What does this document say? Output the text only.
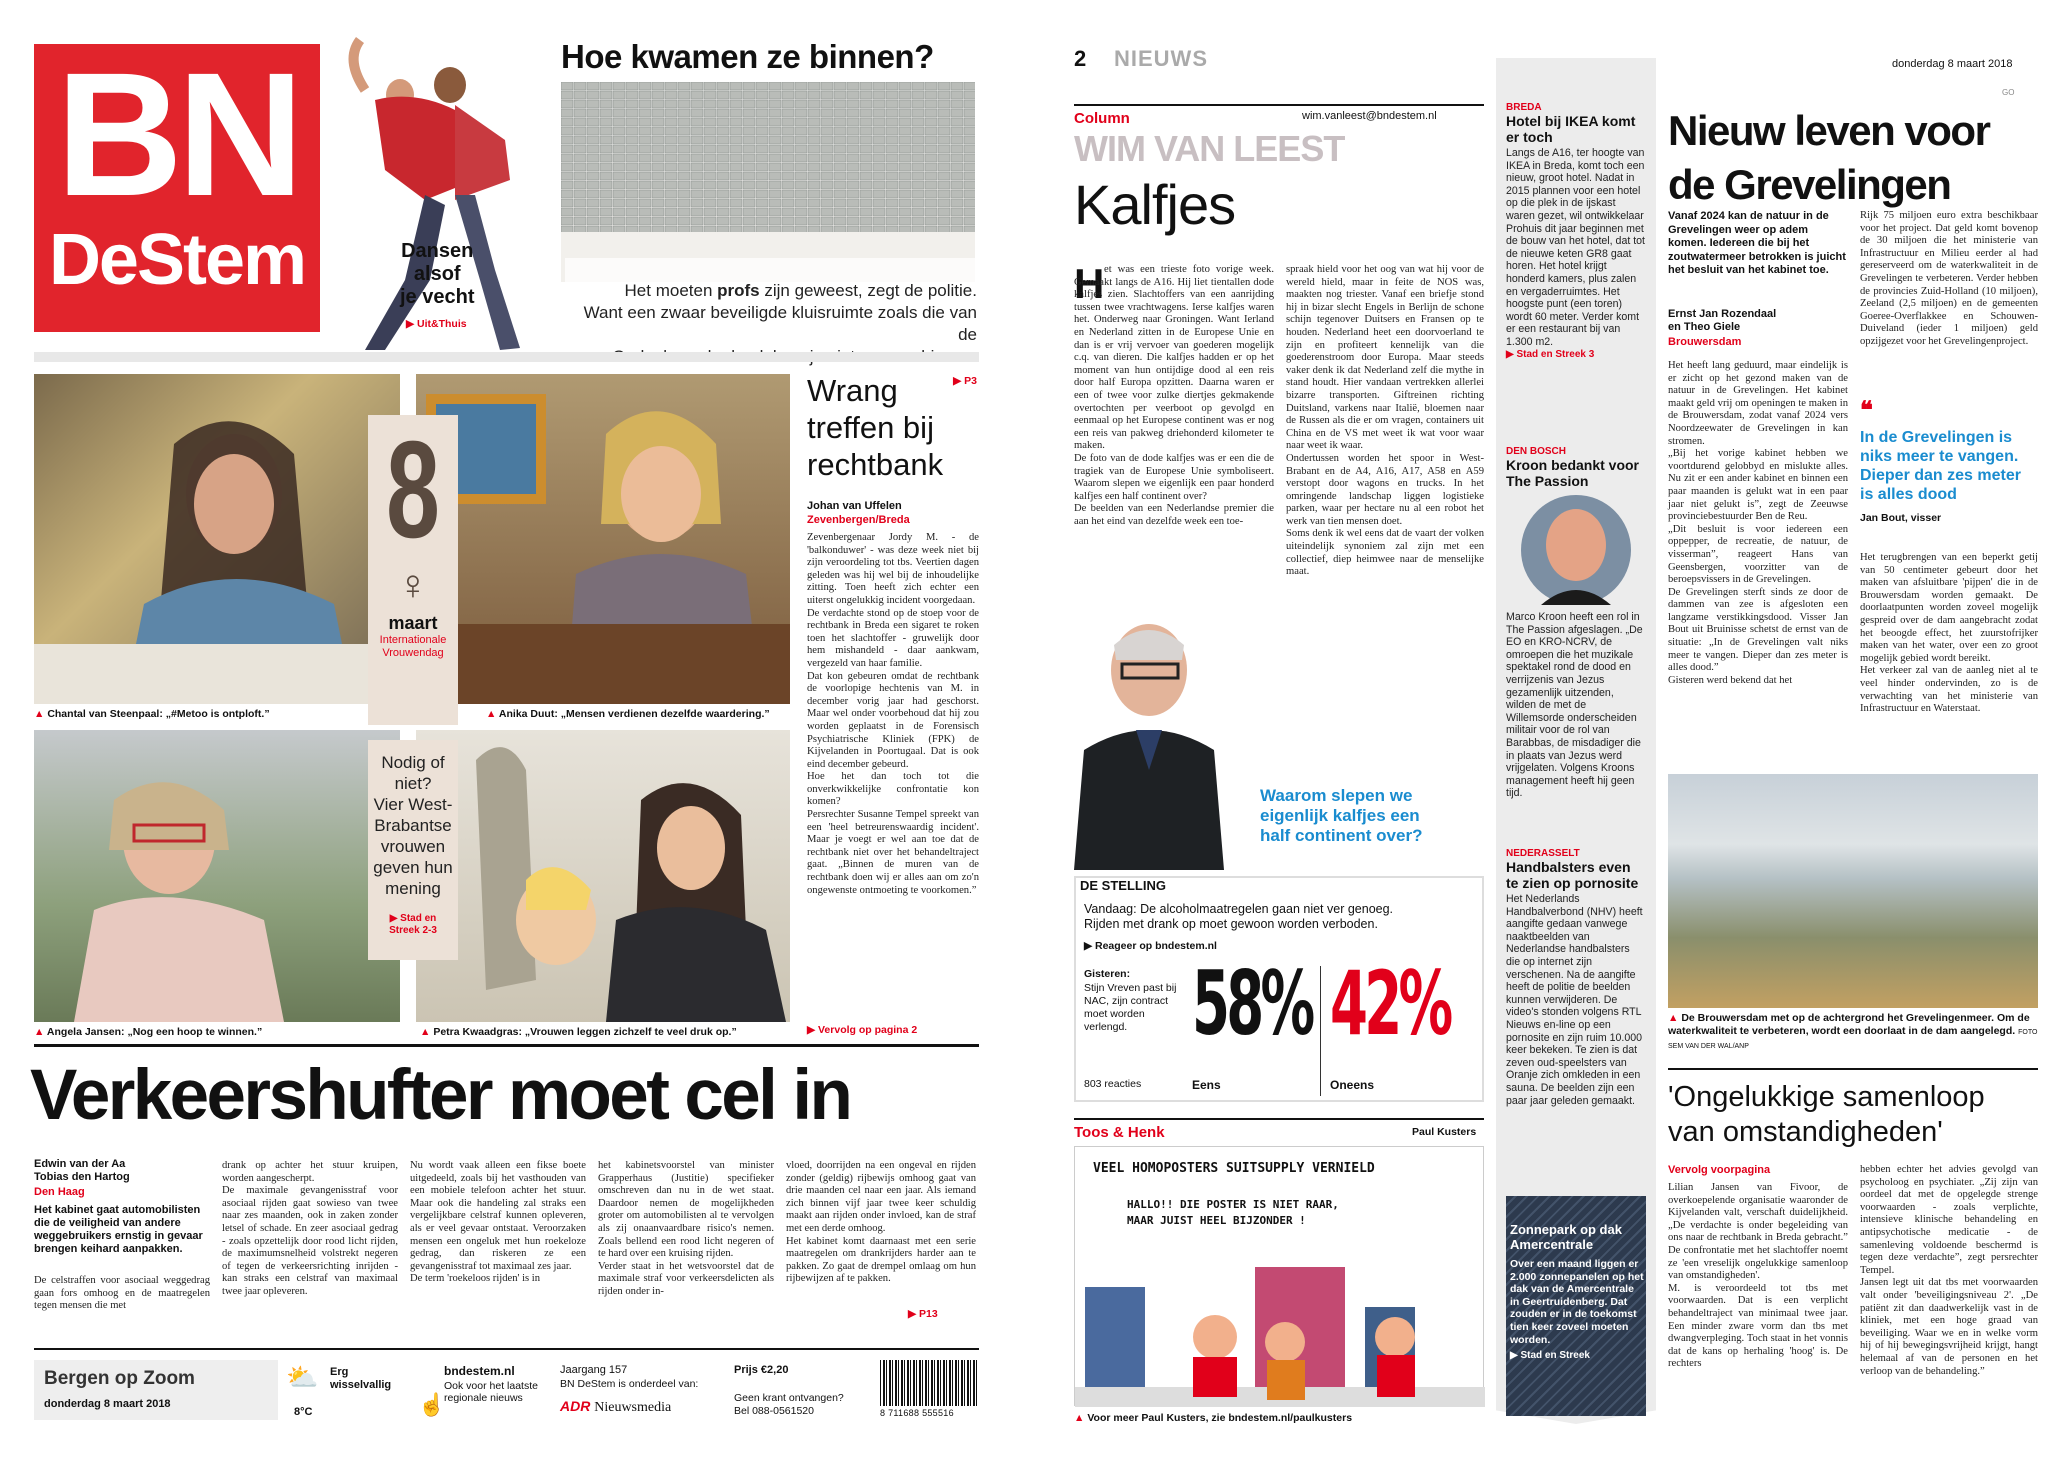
BN
DeStem	Dansen
alsof
je vecht
▶ Uit&Thuis
Hoe kwamen ze binnen?

Het moeten profs zijn geweest, zegt de politie.
Want een zwaar beveiligde kluisruimte zoals die van de

▶ P3

▲ Chantal van Steenpaal: „#Metoo is ontploft.”	▲ Anika Duut: „Mensen verdienen dezelfde waardering.”
▲ Angela Jansen: „Nog een hoop te winnen.”	▲ Petra Kwaadgras: „Vrouwen leggen zichzelf te veel druk op.”
8
♀
maart
Internationale
Vrouwendag
Nodig of
niet?
Vier West-
Brabantse
vrouwen
geven hun
mening
▶ Stad en
Streek 2-3
Wrang
treffen bij
rechtbank
Johan van Uffelen
Zevenbergen/Breda
Zevenbergenaar Jordy M. - de 'balkonduwer' - was deze week niet bij zijn veroordeling tot tbs. Veertien dagen geleden was hij wel bij de inhoudelijke zitting. Toen heeft zich echter een uiterst ongelukkig incident voorgedaan.
De verdachte stond op de stoep voor de rechtbank in Breda een sigaret te roken toen het slachtoffer - gruwelijk door hem mishandeld - daar aankwam, vergezeld van haar familie.
Dat kon gebeuren omdat de rechtbank de voorlopige hechtenis van M. in december vorig jaar had geschorst. Maar wel onder voorbehoud dat hij zou worden geplaatst in de Forensisch Psychiatrische Kliniek (FPK) de Kijvelanden in Poortugaal. Dat is ook eind december gebeurd.
Hoe het dan toch tot die onverkwikkelijke confrontatie kon komen?
Persrechter Susanne Tempel spreekt van een 'heel betreurenswaardig incident'. Maar je voegt er wel aan toe dat de rechtbank niet over het behandeltraject gaat. „Binnen de muren van de rechtbank doen wij er alles aan om zo'n ongewenste ontmoeting te voorkomen.”
▶ Vervolg op pagina 2
Verkeershufter moet cel in
Edwin van der Aa
Tobias den Hartog
Den Haag
Het kabinet gaat automobilisten die de veiligheid van andere weggebruikers ernstig in gevaar brengen keihard aanpakken.
De celstraffen voor asociaal weggedrag gaan fors omhoog en de maatregelen tegen mensen die met
drank op achter het stuur kruipen, worden aangescherpt.
De maximale gevangenisstraf voor asociaal rijden gaat sowieso van twee naar zes maanden, ook in zaken zonder letsel of schade. En zeer asociaal gedrag - zoals opzettelijk door rood licht rijden, de maximumsnelheid volstrekt negeren of tegen de verkeersrichting inrijden - kan straks een celstraf van maximaal twee jaar opleveren.
Nu wordt vaak alleen een fikse boete uitgedeeld, zoals bij het vasthouden van een mobiele telefoon achter het stuur. Maar ook die handeling zal straks een vergelijkbare celstraf kunnen opleveren, als er veel gevaar ontstaat. Veroorzaken mensen een ongeluk met hun roekeloze gedrag, dan riskeren ze een gevangenisstraf tot maximaal zes jaar.
De term 'roekeloos rijden' is in
het kabinetsvoorstel van minister Grapperhaus (Justitie) specifieker omschreven dan nu in de wet staat. Daardoor nemen de mogelijkheden groter om automobilisten al te vervolgen als zij onaanvaardbare risico's nemen. Zoals bellend een rood licht negeren of te hard over een kruising rijden.
Verder staat in het wetsvoorstel dat de maximale straf voor verkeersdelicten als rijden onder in-
vloed, doorrijden na een ongeval en rijden zonder (geldig) rijbewijs omhoog gaat van drie maanden cel naar een jaar. Als iemand zich binnen vijf jaar twee keer schuldig maakt aan rijden onder invloed, kan de straf met een derde omhoog.
Het kabinet komt daarnaast met een serie maatregelen om drankrijders harder aan te pakken. Zo gaat de drempel omlaag om hun rijbewijzen af te pakken.
▶ P13
Bergen op Zoom
donderdag 8 maart 2018
⛅ Erg
wisselvallig
8°C	☝
bndestem.nl
Ook voor het laatste
regionale nieuws
Jaargang 157
BN DeStem is onderdeel van:
ADR Nieuwsmedia
Prijs €2,20
Geen krant ontvangen?
Bel 088-0561520	8 711688 555516
2 NIEUWS	donderdag 8 maart 2018
GO
Column	wim.vanleest@bndestem.nl
WIM VAN LEEST
Kalfjes
H et was een trieste foto vorige week. Gemaakt langs de A16. Hij liet tientallen dode kalfjes zien. Slachtoffers van een aanrijding tussen twee vrachtwagens. Ierse kalfjes waren het. Onderweg naar Groningen. Want Ierland en Nederland zitten in de Europese Unie en dan is er vrij vervoer van goederen mogelijk c.q. van dieren. Die kalfjes hadden er op het moment van hun ontijdige dood al een reis door half Europa opzitten. Daarna waren er een of twee voor zulke diertjes gekmakende overtochten per veerboot op gevolgd en eenmaal op het Europese continent was er nog een reis van pakweg driehonderd kilometer te maken.
De foto van de dode kalfjes was er een die de tragiek van de Europese Unie symboliseert. Waarom slepen we eigenlijk een paar honderd kalfjes een half continent over?
De beelden van een Nederlandse premier die aan het eind van dezelfde week een toe-
spraak hield voor het oog van wat hij voor de wereld hield, maar in feite de NOS was, maakten nog triester. Vanaf een briefje stond hij in bizar slecht Engels in Berlijn de schone schijn tegenover Duitsers en Fransen op te houden. Nederland heet een doorvoerland te zijn en profiteert kennelijk van die goederenstroom door Europa. Maar steeds vaker denk ik dat Nederland zelf die mythe in stand houdt. Hier vandaan vertrekken allerlei bizarre transporten. Giftreinen richting Duitsland, varkens naar Italië, bloemen naar de Russen als die er om vragen, containers uit China en de VS met weet ik wat voor waar naar weet ik waar.
Ondertussen worden het spoor in West-Brabant en de A4, A16, A17, A58 en A59 verstopt door wagons en trucks. In het omringende landschap liggen logistieke parken, waar per hectare nu al een robot het werk van tien mensen doet.
Soms denk ik wel eens dat de vaart der volken uiteindelijk synoniem zal zijn met een collectief, diep heimwee naar de menselijke maat.
Waarom slepen we eigenlijk kalfjes een half continent over?
DE STELLING
Vandaag: De alcoholmaatregelen gaan niet ver genoeg.
Rijden met drank op moet gewoon worden verboden.
▶ Reageer op bndestem.nl
Gisteren:
Stijn Vreven past bij NAC, zijn contract moet worden verlengd.
803 reacties
58%
Eens
42%
Oneens
Toos & Henk	Paul Kusters
VEEL HOMOPOSTERS SUITSUPPLY VERNIELD
HALLO!! DIE POSTER IS NIET RAAR,
MAAR JUIST HEEL BIJZONDER !
▲ Voor meer Paul Kusters, zie bndestem.nl/paulkusters
BREDA
Hotel bij IKEA komt er toch
Langs de A16, ter hoogte van IKEA in Breda, komt toch een nieuw, groot hotel. Nadat in 2015 plannen voor een hotel op die plek in de ijskast waren gezet, wil ontwikkelaar Prohuis dit jaar beginnen met de bouw van het hotel, dat tot de nieuwe keten GR8 gaat horen. Het hotel krijgt honderd kamers, plus zalen en vergaderruimtes. Het hoogste punt (een toren) wordt 60 meter. Verder komt er een restaurant bij van 1.300 m2.
▶ Stad en Streek 3
DEN BOSCH
Kroon bedankt voor The Passion
Marco Kroon heeft een rol in The Passion afgeslagen. „De EO en KRO-NCRV, de omroepen die het muzikale spektakel rond de dood en verrijzenis van Jezus gezamenlijk uitzenden, wilden de met de Willemsorde onderscheiden militair voor de rol van Barabbas, de misdadiger die in plaats van Jezus werd vrijgelaten. Volgens Kroons management heeft hij geen tijd.
NEDERASSELT
Handbalsters even te zien op pornosite
Het Nederlands Handbalverbond (NHV) heeft aangifte gedaan vanwege naaktbeelden van Nederlandse handbalsters die op internet zijn verschenen. Na de aangifte heeft de politie de beelden kunnen verwijderen. De video's stonden volgens RTL Nieuws en-line op een pornosite en zijn ruim 10.000 keer bekeken. Te zien is dat zeven oud-speelsters van Oranje zich omkleden in een sauna. De beelden zijn een paar jaar geleden gemaakt.
Zonnepark op dak Amercentrale
Over een maand liggen er 2.000 zonnepanelen op het dak van de Amercentrale in Geertruidenberg. Dat zouden er in de toekomst tien keer zoveel moeten worden.
▶ Stad en Streek
Nieuw leven voor
de Grevelingen
Vanaf 2024 kan de natuur in de Grevelingen weer op adem komen. Iedereen die bij het zoutwatermeer betrokken is juicht het besluit van het kabinet toe.
Ernst Jan Rozendaal
en Theo Giele
Brouwersdam
Het heeft lang geduurd, maar eindelijk is er zicht op het gezond maken van de natuur in de Grevelingen. Het kabinet maakt geld vrij om openingen te maken in de Brouwersdam, zodat vanaf 2024 vers Noordzeewater de Grevelingen in kan stromen.
„Bij het vorige kabinet hebben we voortdurend gelobbyd en mislukte alles. Nu zit er een ander kabinet en binnen een paar maanden is gelukt wat in een paar jaar niet gelukt is”, zegt de Zeeuwse provinciebestuurder Ben de Reu.
„Dit besluit is voor iedereen een oppepper, de recreatie, de natuur, de visserman”, reageert Hans van Geensbergen, voorzitter van de beroepsvissers in de Grevelingen.
De Grevelingen sterft sinds ze door de dammen van zee is afgesloten een langzame verstikkingsdood. Visser Jan Bout uit Bruinisse schetst de ernst van de situatie: „In de Grevelingen valt niks meer te vangen. Dieper dan zes meter is alles dood.”
Gisteren werd bekend dat het
Rijk 75 miljoen euro extra beschikbaar voor het project. Dat geld komt bovenop de 30 miljoen die het ministerie van Infrastructuur en Milieu eerder al had gereserveerd om de waterkwaliteit in de Grevelingen te verbeteren. Verder hebben de provincies Zuid-Holland (10 miljoen), Zeeland (2,5 miljoen) en de gemeenten Goeree-Overflakkee en Schouwen-Duiveland (ieder 1 miljoen) geld opzijgezet voor het Grevelingenproject.
❝
In de Grevelingen is niks meer te vangen. Dieper dan zes meter is alles dood
Jan Bout, visser
Het terugbrengen van een beperkt getij van 50 centimeter gebeurt door het maken van afsluitbare 'pijpen' die in de Brouwersdam worden gemaakt. De doorlaatpunten worden zoveel mogelijk gespreid over de dam aangebracht zodat het beoogde effect, het zuurstofrijker maken van het water, over een zo groot mogelijk gebied wordt bereikt.
Het verkeer zal van de aanleg niet al te veel hinder ondervinden, zo is de verwachting van het ministerie van Infrastructuur en Waterstaat.
▲ De Brouwersdam met op de achtergrond het Grevelingenmeer. Om de waterkwaliteit te verbeteren, wordt een doorlaat in de dam aangelegd. FOTO SEM VAN DER WAL/ANP
'Ongelukkige samenloop
van omstandigheden'
Vervolg voorpagina
Lilian Jansen van Fivoor, de overkoepelende organisatie waaronder de Kijvelanden valt, verschaft duidelijkheid. „De verdachte is onder begeleiding van ons naar de rechtbank in Breda gebracht.” De confrontatie met het slachtoffer noemt ze 'een vreselijk ongelukkige samenloop van omstandigheden'.
M. is veroordeeld tot tbs met voorwaarden. Dat is een verplicht behandeltraject van minimaal twee jaar. Een minder zware vorm dan tbs met dwangverpleging. Toch staat in het vonnis dat de kans op herhaling 'hoog' is. De rechters
hebben echter het advies gevolgd van psycholoog en psychiater. „Zij zijn van oordeel dat met de opgelegde strenge voorwaarden - zoals verplichte, intensieve klinische behandeling en antipsychotische medicatie - de samenleving voldoende beschermd is tegen deze verdachte”, zegt persrechter Tempel.
Jansen legt uit dat tbs met voorwaarden valt onder 'beveiligingsniveau 2'. „De patiënt zit dan daadwerkelijk vast in de kliniek, met een hoge graad van beveiliging. Waar we en in welke vorm hij of hij bewegingsvrijheid krijgt, hangt helemaal af van de personen en het verloop van de behandeling.”
